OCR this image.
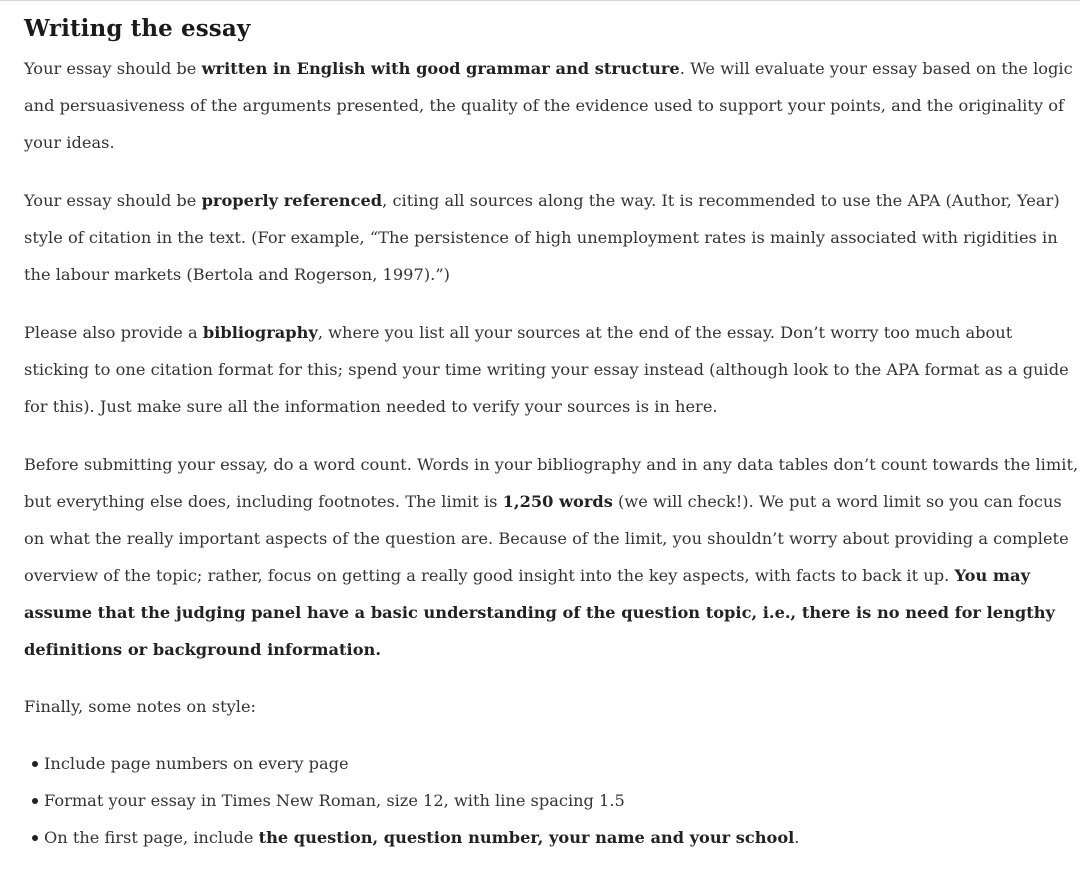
Writing the essay

Your essay should be written in English with good grammar and structure. We will evaluate your essay based on the logic and persuasiveness of the arguments presented, the quality of the evidence used to support your points, and the originality of your ideas.

Your essay should be properly referenced, citing all sources along the way. It is recommended to use the APA (Author, Year) style of citation in the text. (For example, “The persistence of high unemployment rates is mainly associated with rigidities in the labour markets (Bertola and Rogerson, 1997).”)

Please also provide a bibliography, where you list all your sources at the end of the essay. Don’t worry too much about sticking to one citation format for this; spend your time writing your essay instead (although look to the APA format as a guide for this). Just make sure all the information needed to verify your sources is in here.

Before submitting your essay, do a word count. Words in your bibliography and in any data tables don’t count towards the limit, but everything else does, including footnotes. The limit is 1,250 words (we will check!). We put a word limit so you can focus on what the really important aspects of the question are. Because of the limit, you shouldn’t worry about providing a complete overview of the topic; rather, focus on getting a really good insight into the key aspects, with facts to back it up. You may assume that the judging panel have a basic understanding of the question topic, i.e., there is no need for lengthy definitions or background information.

Finally, some notes on style:

Include page numbers on every page
Format your essay in Times New Roman, size 12, with line spacing 1.5
On the first page, include the question, question number, your name and your school.
